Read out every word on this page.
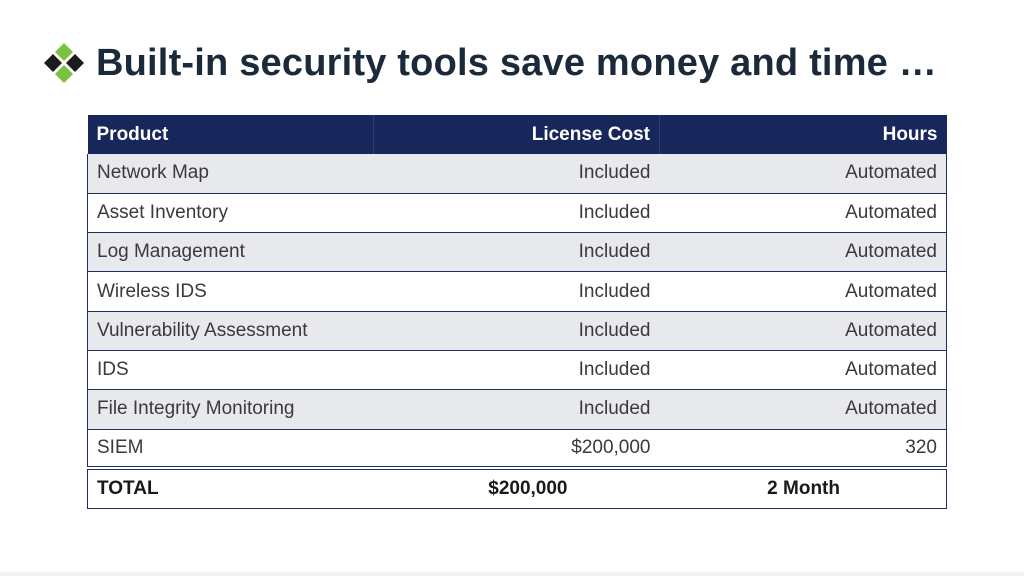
Built-in security tools save money and time …
Product	License Cost	Hours
Network Map	Included	Automated
Asset Inventory	Included	Automated
Log Management	Included	Automated
Wireless IDS	Included	Automated
Vulnerability Assessment	Included	Automated
IDS	Included	Automated
File Integrity Monitoring	Included	Automated
SIEM	$200,000	320
TOTAL	$200,000	2 Month
